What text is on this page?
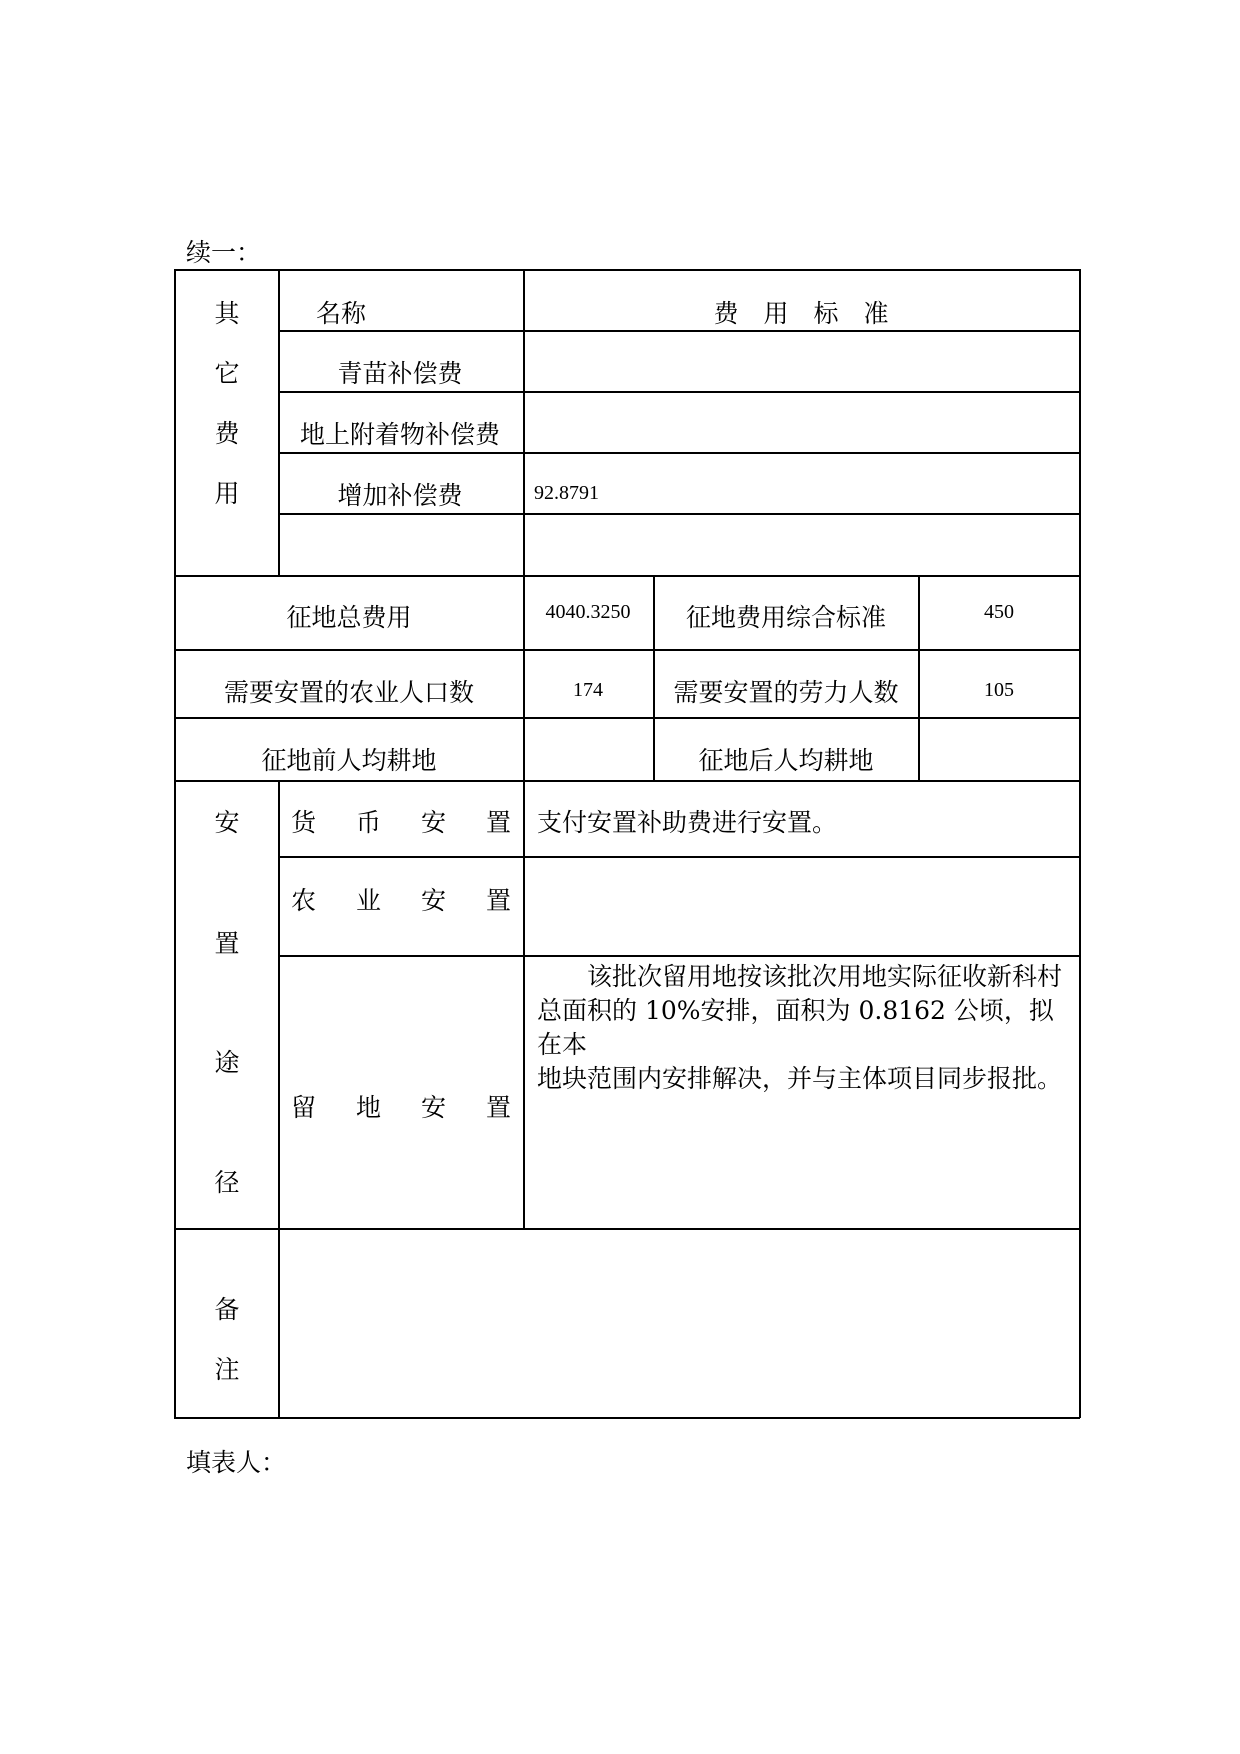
续一：
其
它
费
用
名称	费　用　标　准
青苗补偿费
地上附着物补偿费
增加补偿费	92.8791
征地总费用	4040.3250 征地费用综合标准	450
需要安置的农业人口数	174	需要安置的劳力人数	105
征地前人均耕地	征地后人均耕地
安
置
途
径
货 币 安 置 支付安置补助费进行安置。
农 业 安 置
留 地 安 置

该批次留用地按该批次用地实际征收新科村

总面积的 10%安排，面积为 0.8162 公顷，拟在本

地块范围内安排解决，并与主体项目同步报批。

备
注
填表人：
